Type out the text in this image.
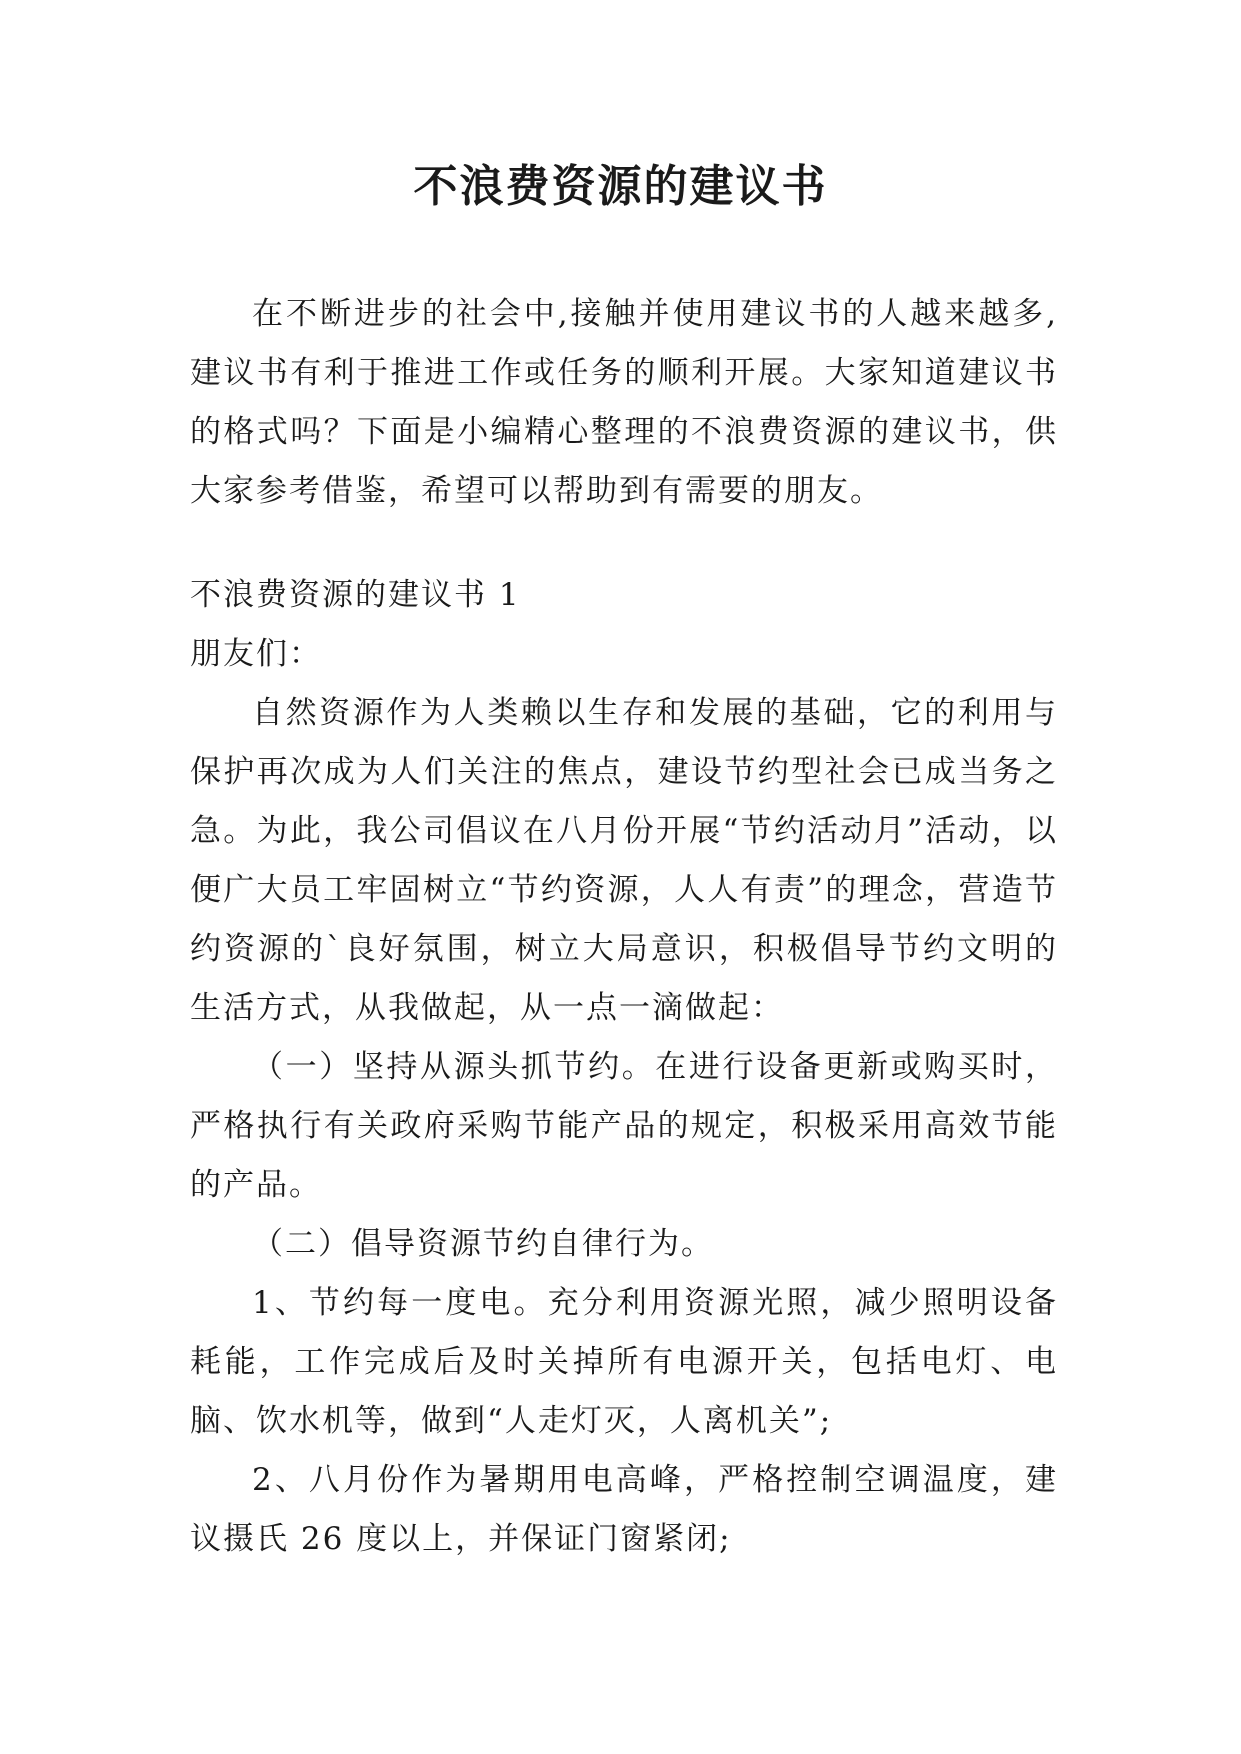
不浪费资源的建议书

在不断进步的社会中,接触并使用建议书的人越来越多,建议书有利于推进工作或任务的顺利开展。大家知道建议书的格式吗？下面是小编精心整理的不浪费资源的建议书，供大家参考借鉴，希望可以帮助到有需要的朋友。

不浪费资源的建议书 1

朋友们：

自然资源作为人类赖以生存和发展的基础，它的利用与保护再次成为人们关注的焦点，建设节约型社会已成当务之急。为此，我公司倡议在八月份开展“节约活动月”活动，以便广大员工牢固树立“节约资源，人人有责”的理念，营造节约资源的`良好氛围，树立大局意识，积极倡导节约文明的生活方式，从我做起，从一点一滴做起：

（一）坚持从源头抓节约。在进行设备更新或购买时，严格执行有关政府采购节能产品的规定，积极采用高效节能的产品。

（二）倡导资源节约自律行为。

1、节约每一度电。充分利用资源光照，减少照明设备耗能，工作完成后及时关掉所有电源开关，包括电灯、电脑、饮水机等，做到“人走灯灭，人离机关”;

2、八月份作为暑期用电高峰，严格控制空调温度，建议摄氏 26 度以上，并保证门窗紧闭;
